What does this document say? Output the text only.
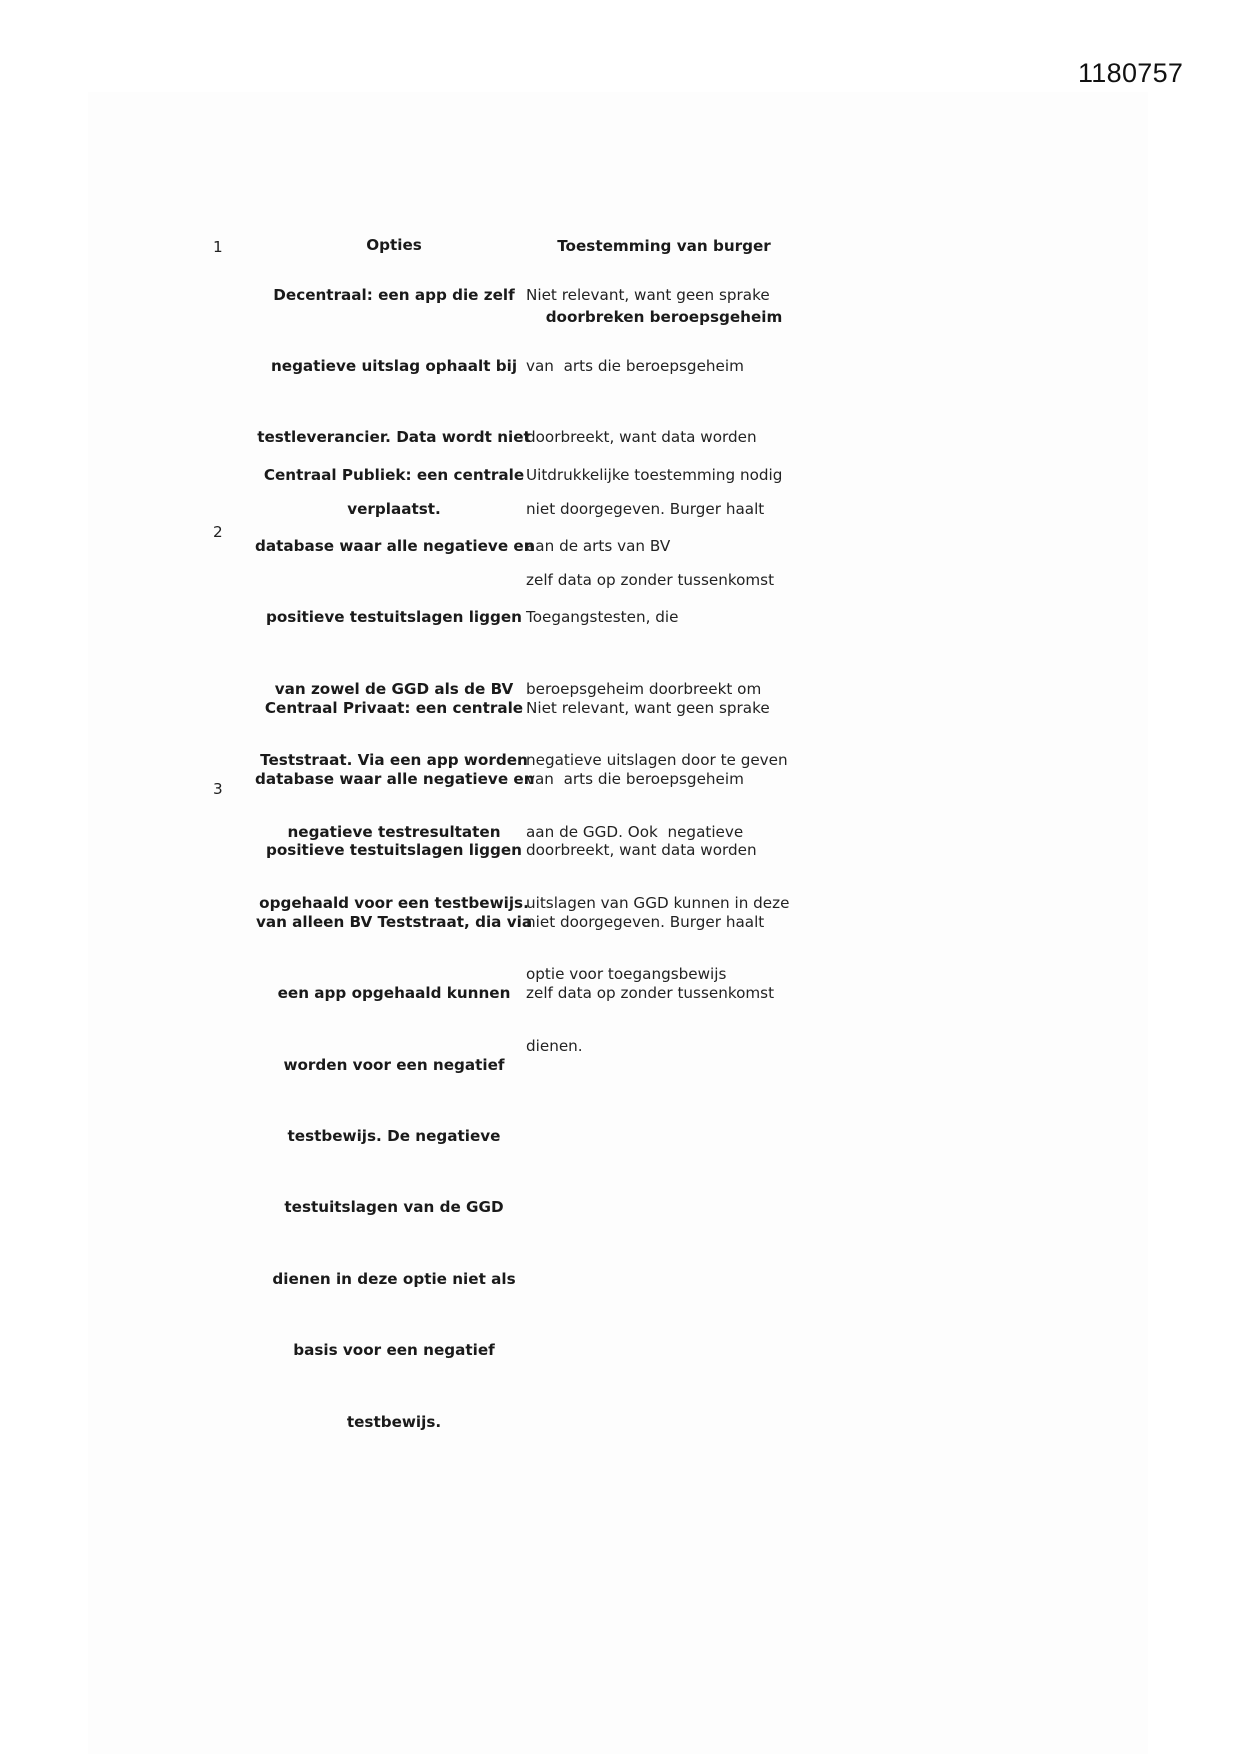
1180757

Opties

	Toestemming van burger

doorbreken beroepsgeheim

1

Decentraal: een app die zelf

negatieve uitslag ophaalt bij

testleverancier. Data wordt niet

verplaatst.

Niet relevant, want geen sprake

van  arts die beroepsgeheim

doorbreekt, want data worden

niet doorgegeven. Burger haalt

zelf data op zonder tussenkomst

2

Centraal Publiek: een centrale

database waar alle negatieve en

positieve testuitslagen liggen

van zowel de GGD als de BV

Teststraat. Via een app worden

negatieve testresultaten

opgehaald voor een testbewijs.

Uitdrukkelijke toestemming nodig

aan de arts van BV

Toegangstesten, die

beroepsgeheim doorbreekt om

negatieve uitslagen door te geven

aan de GGD. Ook  negatieve

uitslagen van GGD kunnen in deze

optie voor toegangsbewijs

dienen.

3

Centraal Privaat: een centrale

database waar alle negatieve en

positieve testuitslagen liggen

van alleen BV Teststraat, dia via

een app opgehaald kunnen

worden voor een negatief

testbewijs. De negatieve

testuitslagen van de GGD

dienen in deze optie niet als

basis voor een negatief

testbewijs.

Niet relevant, want geen sprake

van  arts die beroepsgeheim

doorbreekt, want data worden

niet doorgegeven. Burger haalt

zelf data op zonder tussenkomst
